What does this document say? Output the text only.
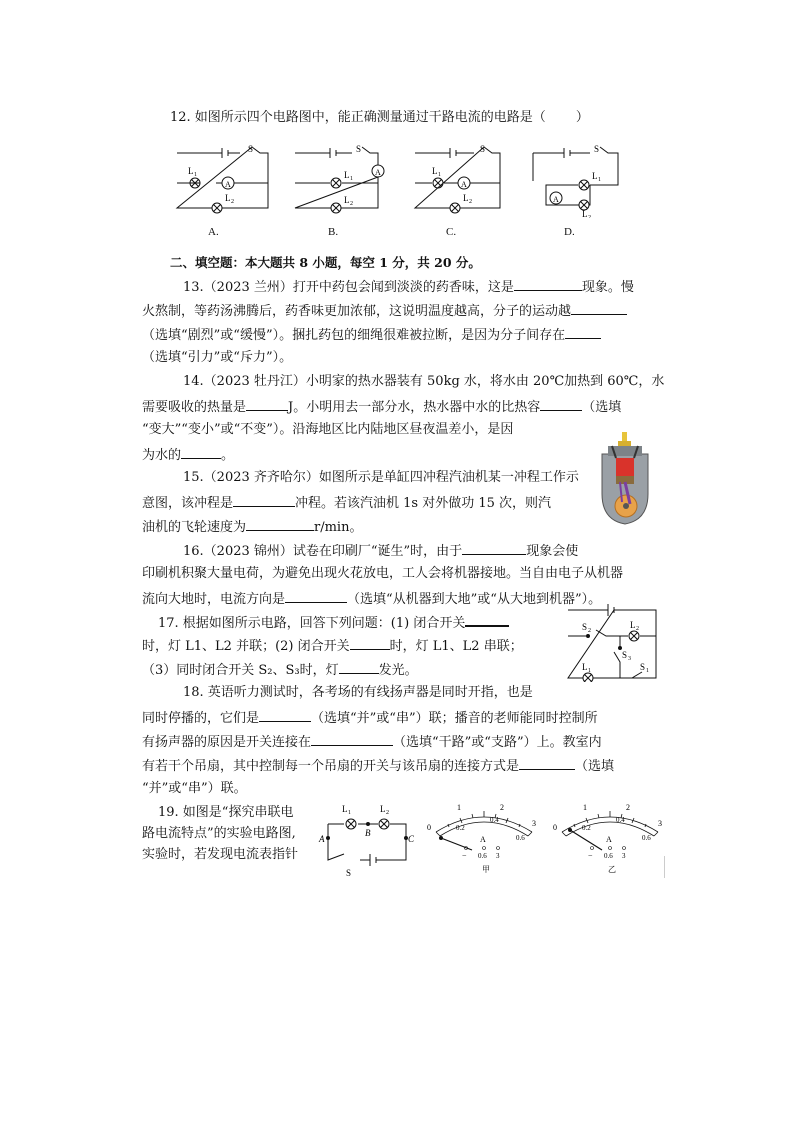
12. 如图所示四个电路图中，能正确测量通过干路电流的电路是（ ）
S
A
L 1
L 2
S
A
L 1
L 2
S
A
L 1
L 2
S
A
L 1
L 2
A.	B.	C.	D.
二、填空题：本大题共 8 小题，每空 1 分，共 20 分。
13.（2023 兰州）打开中药包会闻到淡淡的药香味，这是	现象。慢
火熬制，等药汤沸腾后，药香味更加浓郁，这说明温度越高，分子的运动越
（选填“剧烈”或“缓慢”）。捆扎药包的细绳很难被拉断，是因为分子间存在
（选填“引力”或“斥力”）。
14.（2023 牡丹江）小明家的热水器装有 50kg 水，将水由 20℃加热到 60℃，水
需要吸收的热量是	J。小明用去一部分水，热水器中水的比热容	（选填
“变大”“变小”或“不变”）。沿海地区比内陆地区昼夜温差小，是因
为水的	。
15.（2023 齐齐哈尔）如图所示是单缸四冲程汽油机某一冲程工作示
意图，该冲程是	冲程。若该汽油机 1s 对外做功 15 次，则汽
油机的飞轮速度为	r/min。
16.（2023 锦州）试卷在印刷厂“诞生”时，由于	现象会使
印刷机积聚大量电荷，为避免出现火花放电，工人会将机器接地。当自由电子从机器
流向大地时，电流方向是	（选填“从机器到大地”或“从大地到机器”）。
17. 根据如图所示电路，回答下列问题：(1) 闭合开关
时，灯 L1、L2 并联；(2) 闭合开关	时，灯 L1、L2 串联；
（3）同时闭合开关 S₂、S₃时，灯	发光。
S 2
L 2
S 3
L 1	S 1
18. 英语听力测试时，各考场的有线扬声器是同时开指，也是
同时停播的，它们是	（选填“并”或“串”）联；播音的老师能同时控制所
有扬声器的原因是开关连接在	（选填“干路”或“支路”）上。教室内
有若干个吊扇，其中控制每一个吊扇的开关与该吊扇的连接方式是	（选填
“并”或“串”）联。
19. 如图是“探究串联电
路电流特点”的实验电路图,
实验时，若发现电流表指针
L 1	L 2
A
B
C
S
1	2
3
0	0.2
0.4
0.6
A
− 0.6 3
甲
1	2
3
0	0.2
0.4
0.6
A
− 0.6 3
乙
